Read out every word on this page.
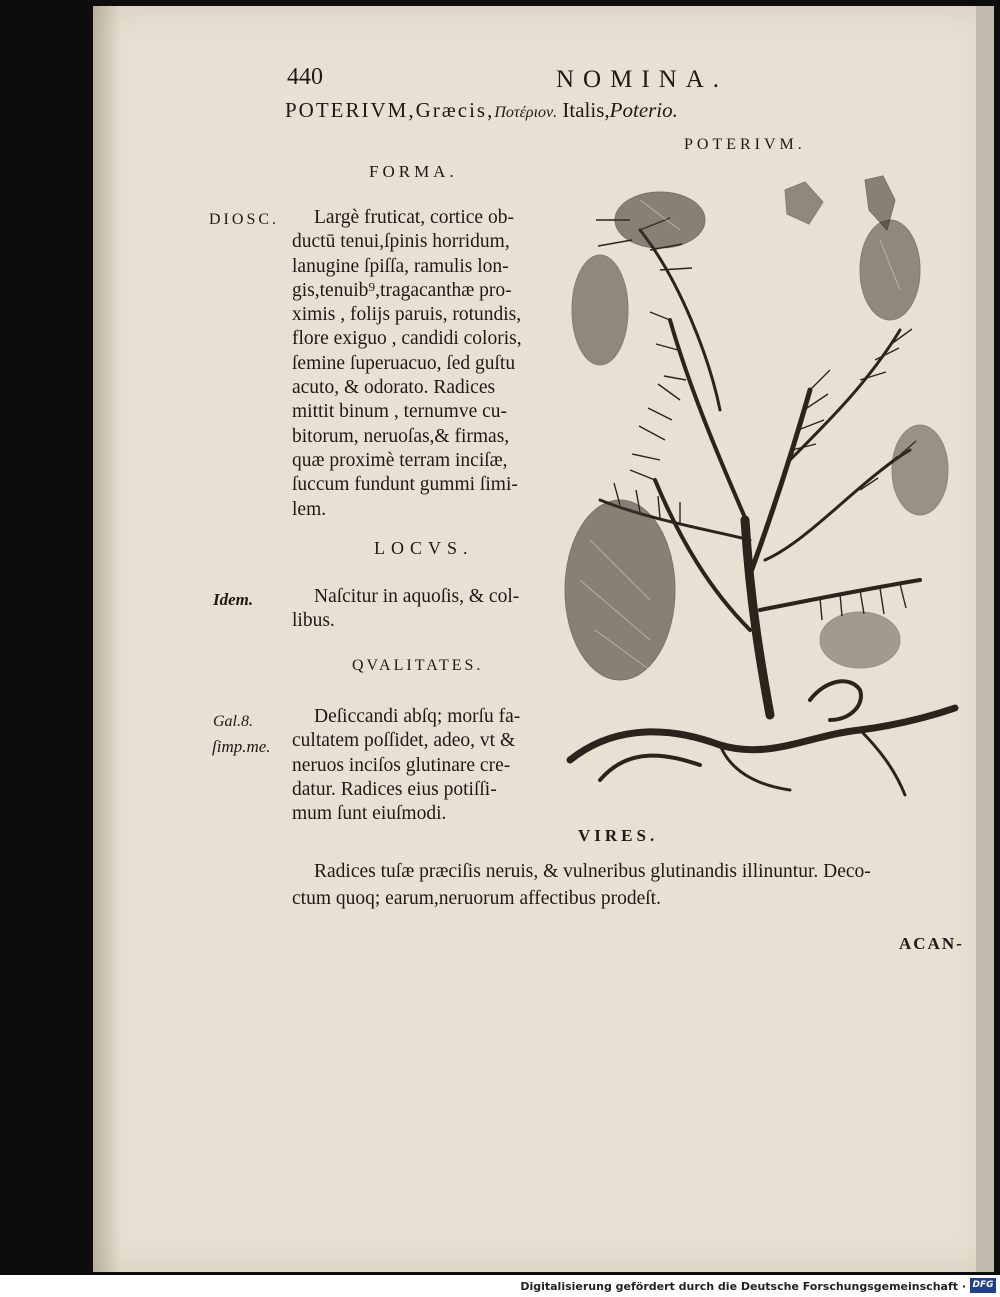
440	NOMINA.
POTERIVM,Græcis,Ποτέριον. Italis,Poterio.
POTERIVM.
FORMA.
DIOSC.	Largè fruticat, cortice ob-

ductū tenui,ſpinis horridum,

lanugine ſpiſſa, ramulis lon-

gis,tenuib⁹,tragacanthæ pro-

ximis , folijs paruis, rotundis,

flore exiguo , candidi coloris,

ſemine ſuperuacuo, ſed guſtu

acuto, & odorato. Radices

mittit binum , ternumve cu-

bitorum, neruoſas,& firmas,

quæ proximè terram inciſæ,

ſuccum fundunt gummi ſimi-

lem.

LOCVS.
Idem.	Naſcitur in aquoſis, & col-

libus.

QVALITATES.
Gal.8.
ſimp.me.

Deſiccandi abſq; morſu fa-

cultatem poſſidet, adeo, vt &

neruos inciſos glutinare cre-

datur. Radices eius potiſſi-

mum ſunt eiuſmodi.

VIRES.

Radices tuſæ præciſis neruis, & vulneribus glutinandis illinuntur. Deco-

ctum quoq; earum,neruorum affectibus prodeſt.

ACAN-
Digitalisierung gefördert durch die Deutsche Forschungsgemeinschaft · DFG
